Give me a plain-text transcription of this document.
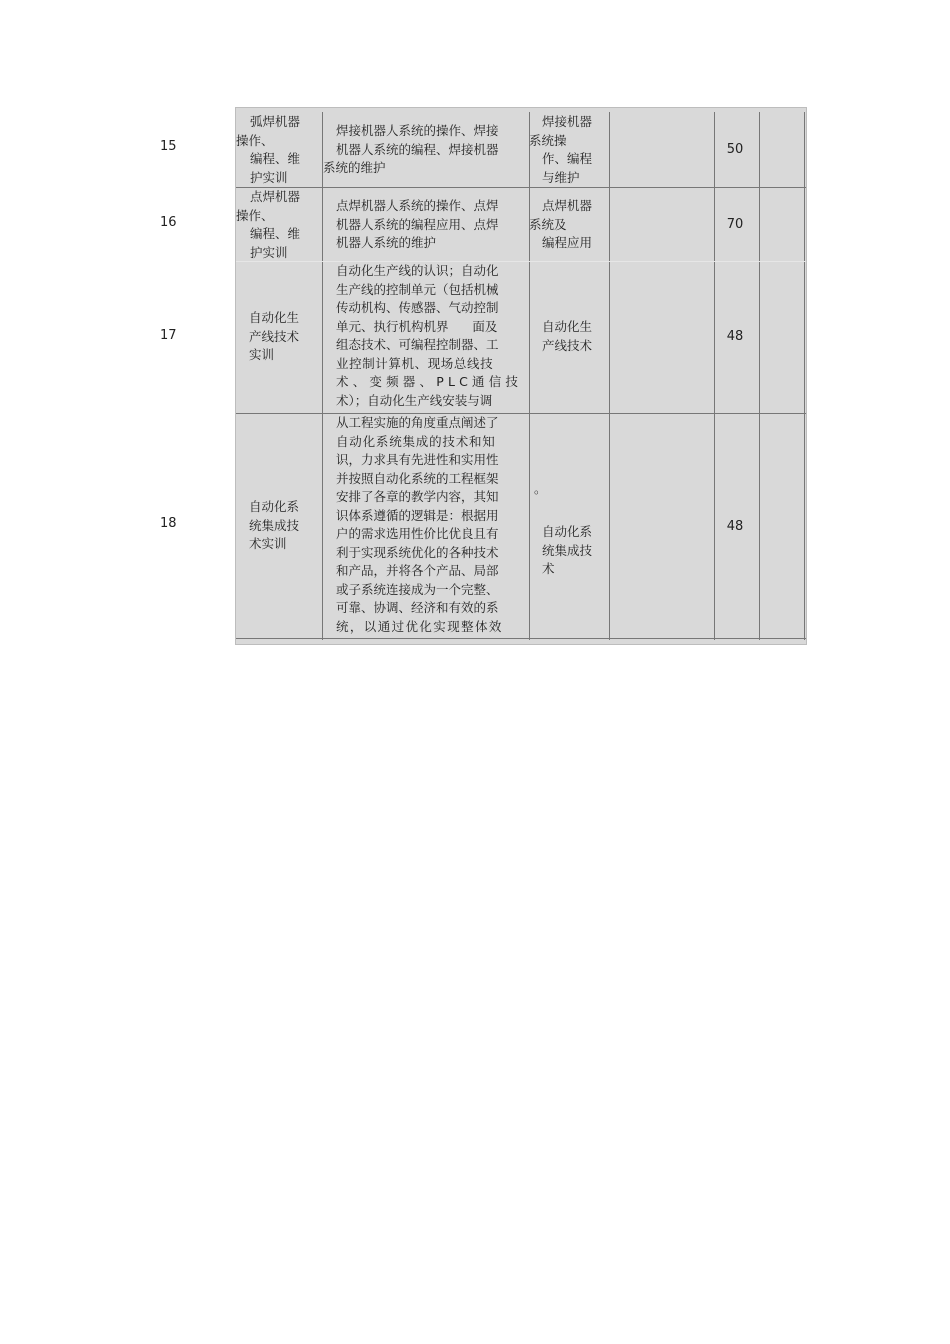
15
16
17
18
弧焊机器
操作、
编程、维
护实训
焊接机器人系统的操作、焊接
机器人系统的编程、焊接机器
系统的维护
焊接机器
系统操
作、编程
与维护
50
点焊机器
操作、
编程、维
护实训
点焊机器人系统的操作、点焊
机器人系统的编程应用、点焊
机器人系统的维护
点焊机器
系统及
编程应用
70
自动化生
产线技术
实训
自动化生产线的认识；自动化
生产线的控制单元（包括机械
传动机构、传感器、气动控制
单元、执行机构机界      面及
组态技术、可编程控制器、工
业控制计算机、现场总线技
术、变频器、PLC通信技
术）；自动化生产线安装与调
自动化生
产线技术
48
自动化系
统集成技
术实训
从工程实施的角度重点阐述了
自动化系统集成的技术和知
识，力求具有先进性和实用性
并按照自动化系统的工程框架
安排了各章的教学内容，其知
识体系遵循的逻辑是：根据用
户的需求选用性价比优良且有
利于实现系统优化的各种技术
和产品，并将各个产品、局部
或子系统连接成为一个完整、
可靠、协调、经济和有效的系
统，以通过优化实现整体效
。
自动化系
统集成技
术
48
